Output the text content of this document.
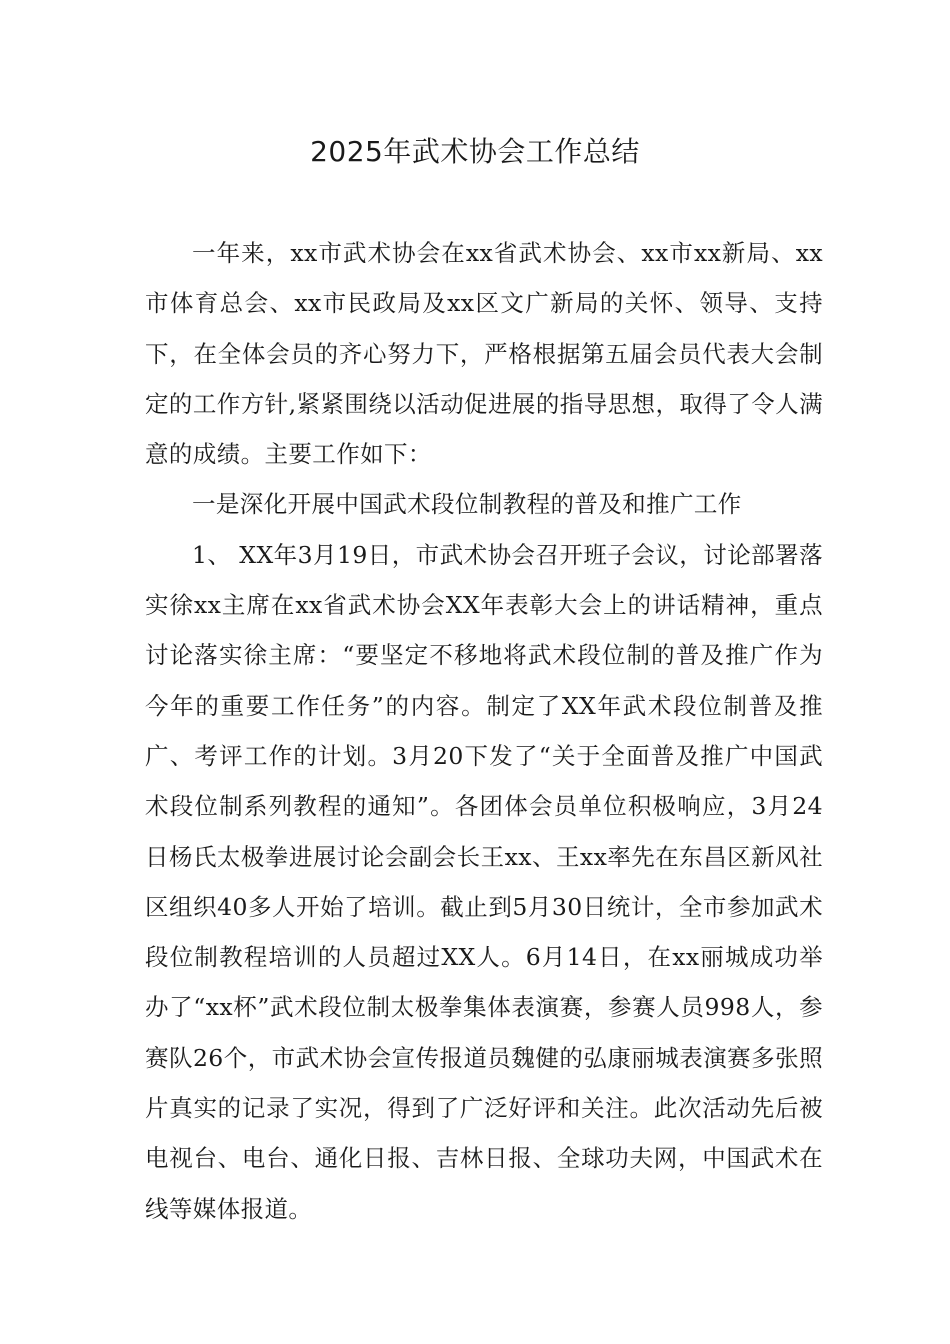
2025年武术协会工作总结

一年来，xx市武术协会在xx省武术协会、xx市xx新局、xx市体育总会、xx市民政局及xx区文广新局的关怀、领导、支持下，在全体会员的齐心努力下，严格根据第五届会员代表大会制定的工作方针,紧紧围绕以活动促进展的指导思想，取得了令人满意的成绩。主要工作如下：

一是深化开展中国武术段位制教程的普及和推广工作

1、 XX年3月19日，市武术协会召开班子会议，讨论部署落实徐xx主席在xx省武术协会XX年表彰大会上的讲话精神，重点讨论落实徐主席：“要坚定不移地将武术段位制的普及推广作为今年的重要工作任务”的内容。制定了XX年武术段位制普及推广、考评工作的计划。3月20下发了“关于全面普及推广中国武术段位制系列教程的通知”。各团体会员单位积极响应，3月24日杨氏太极拳进展讨论会副会长王xx、王xx率先在东昌区新风社区组织40多人开始了培训。截止到5月30日统计，全市参加武术段位制教程培训的人员超过XX人。6月14日，在xx丽城成功举办了“xx杯”武术段位制太极拳集体表演赛，参赛人员998人，参赛队26个，市武术协会宣传报道员魏健的弘康丽城表演赛多张照片真实的记录了实况，得到了广泛好评和关注。此次活动先后被电视台、电台、通化日报、吉林日报、全球功夫网，中国武术在线等媒体报道。
